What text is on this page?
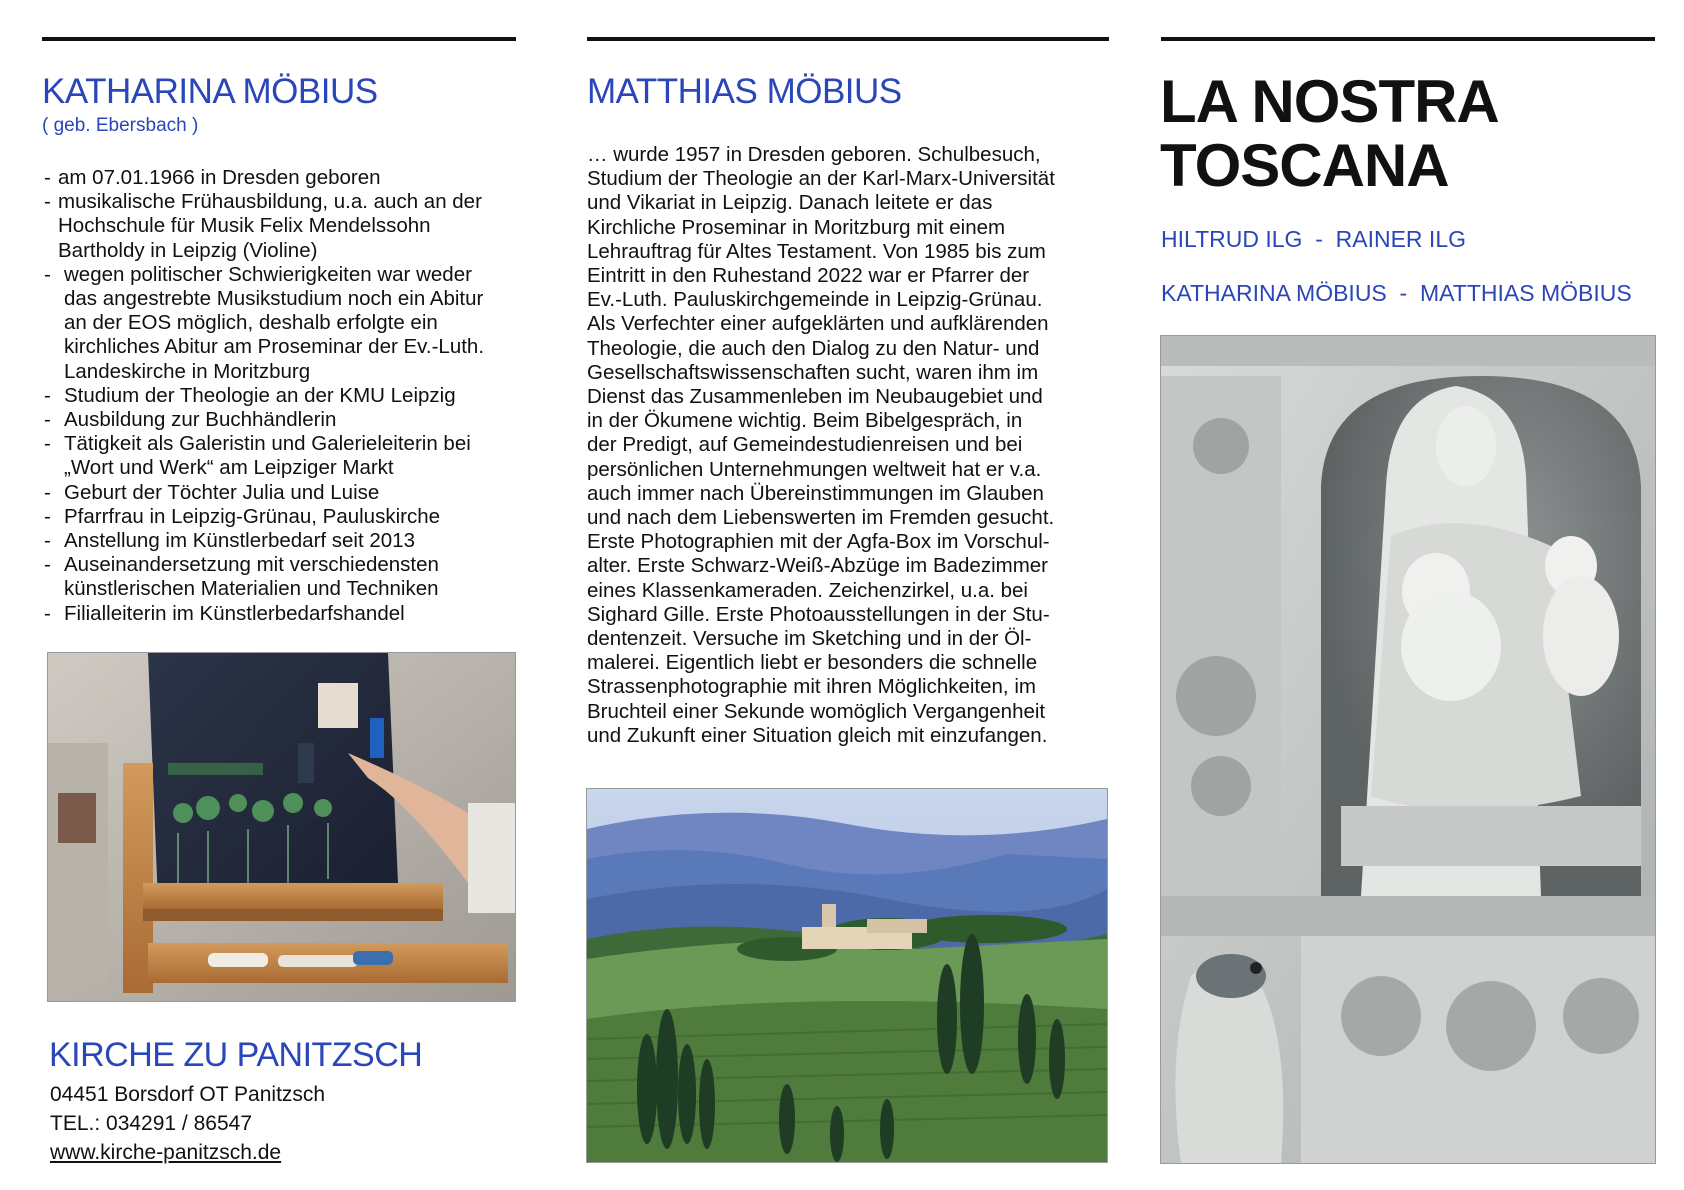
KATHARINA MÖBIUS
( geb. Ebersbach )
- am 07.01.1966 in Dresden geboren
- musikalische Frühausbildung, u.a. auch an der Hochschule für Musik Felix Mendelssohn Bartholdy in Leipzig (Violine)
- wegen politischer Schwierigkeiten war weder das angestrebte Musikstudium noch ein Abitur an der EOS möglich, deshalb erfolgte ein kirchliches Abitur am Proseminar der Ev.-Luth. Landeskirche in Moritzburg
- Studium der Theologie an der KMU Leipzig
- Ausbildung zur Buchhändlerin
- Tätigkeit als Galeristin und Galerieleiterin bei „Wort und Werk“ am Leipziger Markt
- Geburt der Töchter Julia und Luise
- Pfarrfrau in Leipzig-Grünau, Pauluskirche
- Anstellung im Künstlerbedarf seit 2013
- Auseinandersetzung mit verschiedensten künstlerischen Materialien und Techniken
- Filialleiterin im Künstlerbedarfshandel
KIRCHE ZU PANITZSCH
04451 Borsdorf OT Panitzsch
TEL.: 034291 / 86547
www.kirche-panitzsch.de
MATTHIAS MÖBIUS
… wurde 1957 in Dresden geboren. Schulbesuch,
Studium der Theologie an der Karl-Marx-Universität
und Vikariat in Leipzig. Danach leitete er das
Kirchliche Proseminar in Moritzburg mit einem
Lehrauftrag für Altes Testament. Von 1985 bis zum
Eintritt in den Ruhestand 2022 war er Pfarrer der
Ev.-Luth. Pauluskirchgemeinde in Leipzig-Grünau.
Als Verfechter einer aufgeklärten und aufklärenden
Theologie, die auch den Dialog zu den Natur- und
Gesellschaftswissenschaften sucht, waren ihm im
Dienst das Zusammenleben im Neubaugebiet und
in der Ökumene wichtig. Beim Bibelgespräch, in
der Predigt, auf Gemeindestudienreisen und bei
persönlichen Unternehmungen weltweit hat er v.a.
auch immer nach Übereinstimmungen im Glauben
und nach dem Liebenswerten im Fremden gesucht.
Erste Photographien mit der Agfa-Box im Vorschul-
alter. Erste Schwarz-Weiß-Abzüge im Badezimmer
eines Klassenkameraden. Zeichenzirkel, u.a. bei
Sighard Gille. Erste Photoausstellungen in der Stu-
dentenzeit. Versuche im Sketching und in der Öl-
malerei. Eigentlich liebt er besonders die schnelle
Strassenphotographie mit ihren Möglichkeiten, im
Bruchteil einer Sekunde womöglich Vergangenheit
und Zukunft einer Situation gleich mit einzufangen.
LA NOSTRA
TOSCANA
HILTRUD ILG  -  RAINER ILG
KATHARINA MÖBIUS  -  MATTHIAS MÖBIUS
